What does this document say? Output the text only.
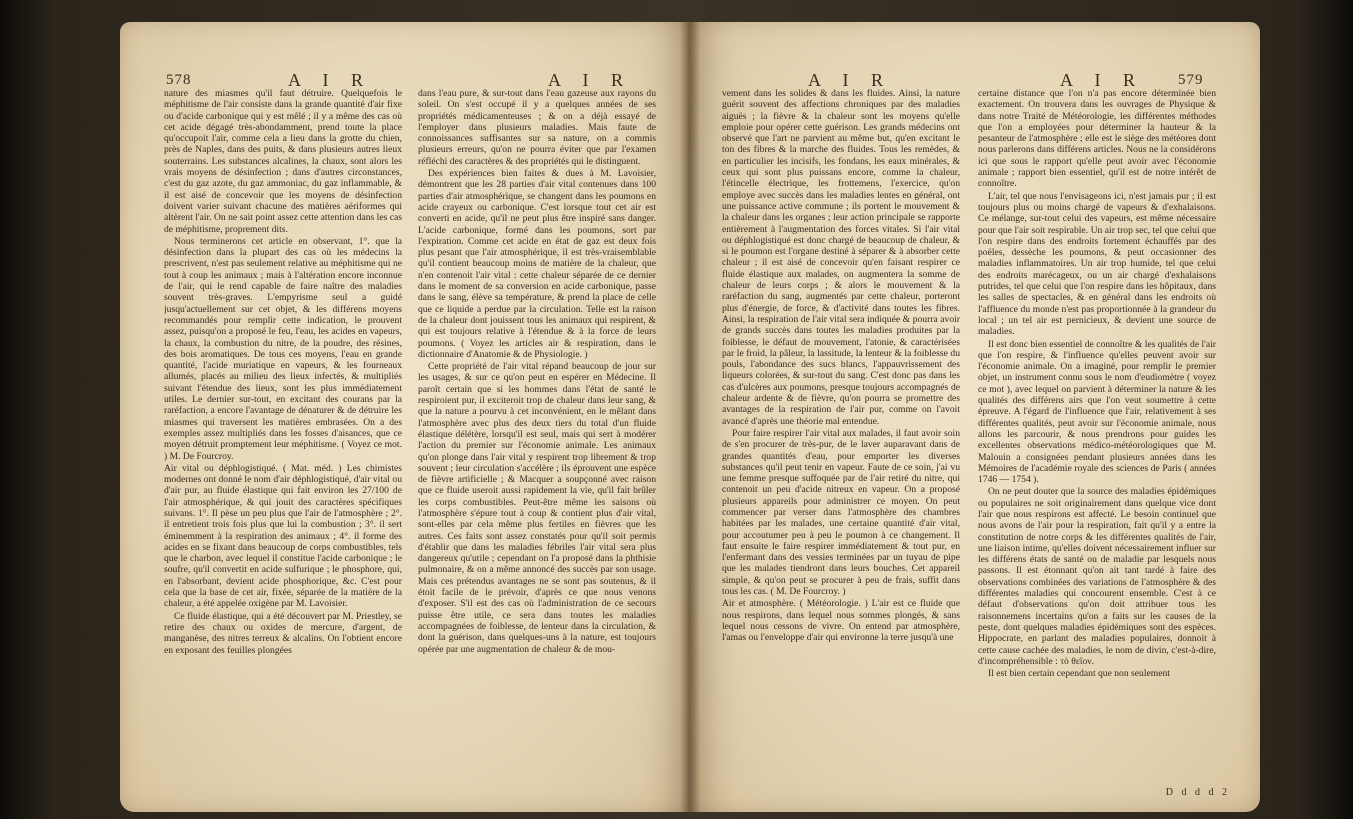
578	A I R	A I R

nature des miasmes qu'il faut détruire. Quelquefois le méphitisme de l'air consiste dans la grande quantité d'air fixe ou d'acide carbonique qui y est mêlé ; il y a même des cas où cet acide dégagé très-abondamment, prend toute la place qu'occupoit l'air, comme cela a lieu dans la grotte du chien, près de Naples, dans des puits, & dans plusieurs autres lieux souterrains. Les substances alcalines, la chaux, sont alors les vrais moyens de désinfection ; dans d'autres circonstances, c'est du gaz azote, du gaz ammoniac, du gaz inflammable, & il est aisé de concevoir que les moyens de désinfection doivent varier suivant chacune des matières aériformes qui altèrent l'air. On ne sait point assez cette attention dans les cas de méphitisme, proprement dits.

Nous terminerons cet article en observant, 1°. que la désinfection dans la plupart des cas où les médecins la prescrivent, n'est pas seulement relative au méphitisme qui ne tout à coup les animaux ; mais à l'altération encore inconnue de l'air, qui le rend capable de faire naître des maladies souvent très-graves. L'empyrisme seul a guidé jusqu'actuellement sur cet objet, & les différens moyens recommandés pour remplir cette indication, le prouvent assez, puisqu'on a proposé le feu, l'eau, les acides en vapeurs, la chaux, la combustion du nitre, de la poudre, des résines, des bois aromatiques. De tous ces moyens, l'eau en grande quantité, l'acide muriatique en vapeurs, & les fourneaux allumés, placés au milieu des lieux infectés, & multipliés suivant l'étendue des lieux, sont les plus immédiatement utiles. Le dernier sur-tout, en excitant des courans par la raréfaction, a encore l'avantage de dénaturer & de détruire les miasmes qui traversent les matières embrasées. On a des exemples assez multipliés dans les fosses d'aisances, que ce moyen détruit promptement leur méphitisme. ( Voyez ce mot. ) M. De Fourcroy.

Air vital ou déphlogistiqué. ( Mat. méd. ) Les chimistes modernes ont donné le nom d'air déphlogistiqué, d'air vital ou d'air pur, au fluide élastique qui fait environ les 27/100 de l'air atmosphérique, & qui jouit des caractères spécifiques suivans. 1°. Il pèse un peu plus que l'air de l'atmosphère ; 2°. il entretient trois fois plus que lui la combustion ; 3°. il sert éminemment à la respiration des animaux ; 4°. il forme des acides en se fixant dans beaucoup de corps combustibles, tels que le charbon, avec lequel il constitue l'acide carbonique ; le soufre, qu'il convertit en acide sulfurique ; le phosphore, qui, en l'absorbant, devient acide phosphorique, &c. C'est pour cela que la base de cet air, fixée, séparée de la matière de la chaleur, a été appelée oxigène par M. Lavoisier.

Ce fluide élastique, qui a été découvert par M. Priestley, se retire des chaux ou oxides de mercure, d'argent, de manganèse, des nitres terreux & alcalins. On l'obtient encore en exposant des feuilles plongées

dans l'eau pure, & sur-tout dans l'eau gazeuse aux rayons du soleil. On s'est occupé il y a quelques années de ses propriétés médicamenteuses ; & on a déjà essayé de l'employer dans plusieurs maladies. Mais faute de connoissances suffisantes sur sa nature, on a commis plusieurs erreurs, qu'on ne pourra éviter que par l'examen réfléchi des caractères & des propriétés qui le distinguent.

Des expériences bien faites & dues à M. Lavoisier, démontrent que les 28 parties d'air vital contenues dans 100 parties d'air atmosphérique, se changent dans les poumons en acide crayeux ou carbonique. C'est lorsque tout cet air est converti en acide, qu'il ne peut plus être inspiré sans danger. L'acide carbonique, formé dans les poumons, sort par l'expiration. Comme cet acide en état de gaz est deux fois plus pesant que l'air atmosphérique, il est très-vraisemblable qu'il contient beaucoup moins de matière de la chaleur, que n'en contenoit l'air vital : cette chaleur séparée de ce dernier dans le moment de sa conversion en acide carbonique, passe dans le sang, élève sa température, & prend la place de celle que ce liquide a perdue par la circulation. Telle est la raison de la chaleur dont jouissent tous les animaux qui respirent, & qui est toujours relative à l'étendue & à la force de leurs poumons. ( Voyez les articles air & respiration, dans le dictionnaire d'Anatomie & de Physiologie. )

Cette propriété de l'air vital répand beaucoup de jour sur les usages, & sur ce qu'on peut en espérer en Médecine. Il paroît certain que si les hommes dans l'état de santé le respiroient pur, il exciteroit trop de chaleur dans leur sang, & que la nature a pourvu à cet inconvénient, en le mêlant dans l'atmosphère avec plus des deux tiers du total d'un fluide élastique délétère, lorsqu'il est seul, mais qui sert à modérer l'action du premier sur l'économie animale. Les animaux qu'on plonge dans l'air vital y respirent trop librement & trop souvent ; leur circulation s'accélère ; ils éprouvent une espèce de fièvre artificielle ; & Macquer a soupçonné avec raison que ce fluide useroit aussi rapidement la vie, qu'il fait brûler les corps combustibles. Peut-être même les saisons où l'atmosphère s'épure tout à coup & contient plus d'air vital, sont-elles par cela même plus fertiles en fièvres que les autres. Ces faits sont assez constatés pour qu'il soit permis d'établir que dans les maladies fébriles l'air vital sera plus dangereux qu'utile ; cependant on l'a proposé dans la phthisie pulmonaire, & on a même annoncé des succès par son usage. Mais ces prétendus avantages ne se sont pas soutenus, & il étoit facile de le prévoir, d'après ce que nous venons d'exposer. S'il est des cas où l'administration de ce secours puisse être utile, ce sera dans toutes les maladies accompagnées de foiblesse, de lenteur dans la circulation, & dont la guérison, dans quelques-uns à la nature, est toujours opérée par une augmentation de chaleur & de mou-

A I R	A I R 579

vement dans les solides & dans les fluides. Ainsi, la nature guérit souvent des affections chroniques par des maladies aiguës ; la fièvre & la chaleur sont les moyens qu'elle emploie pour opérer cette guérison. Les grands médecins ont observé que l'art ne parvient au même but, qu'en excitant le ton des fibres & la marche des fluides. Tous les remèdes, & en particulier les incisifs, les fondans, les eaux minérales, & ceux qui sont plus puissans encore, comme la chaleur, l'étincelle électrique, les frottemens, l'exercice, qu'on employe avec succès dans les maladies lentes en général, ont une puissance active commune ; ils portent le mouvement & la chaleur dans les organes ; leur action principale se rapporte entièrement à l'augmentation des forces vitales. Si l'air vital ou déphlogistiqué est donc chargé de beaucoup de chaleur, & si le poumon est l'organe destiné à séparer & à absorber cette chaleur ; il est aisé de concevoir qu'en faisant respirer ce fluide élastique aux malades, on augmentera la somme de chaleur de leurs corps ; & alors le mouvement & la raréfaction du sang, augmentés par cette chaleur, porteront plus d'énergie, de force, & d'activité dans toutes les fibres. Ainsi, la respiration de l'air vital sera indiquée & pourra avoir de grands succès dans toutes les maladies produites par la foiblesse, le défaut de mouvement, l'atonie, & caractérisées par le froid, la pâleur, la lassitude, la lenteur & la foiblesse du pouls, l'abondance des sucs blancs, l'appauvrissement des liqueurs colorées, & sur-tout du sang. C'est donc pas dans les cas d'ulcères aux poumons, presque toujours accompagnés de chaleur ardente & de fièvre, qu'on pourra se promettre des avantages de la respiration de l'air pur, comme on l'avoit avancé d'après une théorie mal entendue.

Pour faire respirer l'air vital aux malades, il faut avoir soin de s'en procurer de très-pur, de le laver auparavant dans de grandes quantités d'eau, pour emporter les diverses substances qu'il peut tenir en vapeur. Faute de ce soin, j'ai vu une femme presque suffoquée par de l'air retiré du nitre, qui contenoit un peu d'acide nitreux en vapeur. On a proposé plusieurs appareils pour administrer ce moyen. On peut commencer par verser dans l'atmosphère des chambres habitées par les malades, une certaine quantité d'air vital, pour accoutumer peu à peu le poumon à ce changement. Il faut ensuite le faire respirer immédiatement & tout pur, en l'enfermant dans des vessies terminées par un tuyau de pipe que les malades tiendront dans leurs bouches. Cet appareil simple, & qu'on peut se procurer à peu de frais, suffit dans tous les cas. ( M. De Fourcroy. )

Air et atmosphère. ( Météorologie. ) L'air est ce fluide que nous respirons, dans lequel nous sommes plongés, & sans lequel nous cessons de vivre. On entend par atmosphère, l'amas ou l'enveloppe d'air qui environne la terre jusqu'à une

certaine distance que l'on n'a pas encore déterminée bien exactement. On trouvera dans les ouvrages de Physique & dans notre Traité de Météorologie, les différentes méthodes que l'on a employées pour déterminer la hauteur & la pesanteur de l'atmosphère ; elle est le siège des météores dont nous parlerons dans différens articles. Nous ne la considérons ici que sous le rapport qu'elle peut avoir avec l'économie animale ; rapport bien essentiel, qu'il est de notre intérêt de connoître.

L'air, tel que nous l'envisageons ici, n'est jamais pur ; il est toujours plus ou moins chargé de vapeurs & d'exhalaisons. Ce mélange, sur-tout celui des vapeurs, est même nécessaire pour que l'air soit respirable. Un air trop sec, tel que celui que l'on respire dans des endroits fortement échauffés par des poëles, dessèche les poumons, & peut occasionner des maladies inflammatoires. Un air trop humide, tel que celui des endroits marécageux, ou un air chargé d'exhalaisons putrides, tel que celui que l'on respire dans les hôpitaux, dans les salles de spectacles, & en général dans les endroits où l'affluence du monde n'est pas proportionnée à la grandeur du local ; un tel air est pernicieux, & devient une source de maladies.

Il est donc bien essentiel de connoître & les qualités de l'air que l'on respire, & l'influence qu'elles peuvent avoir sur l'économie animale. On a imaginé, pour remplir le premier objet, un instrument connu sous le nom d'eudiomètre ( voyez ce mot ), avec lequel on parvient à déterminer la nature & les qualités des différens airs que l'on veut soumettre à cette épreuve. A l'égard de l'influence que l'air, relativement à ses différentes qualités, peut avoir sur l'économie animale, nous allons les parcourir, & nous prendrons pour guides les excellentes observations médico-météorologiques que M. Malouin a consignées pendant plusieurs années dans les Mémoires de l'académie royale des sciences de Paris ( années 1746 — 1754 ).

On ne peut douter que la source des maladies épidémiques ou populaires ne soit originairement dans quelque vice dont l'air que nous respirons est affecté. Le besoin continuel que nous avons de l'air pour la respiration, fait qu'il y a entre la constitution de notre corps & les différentes qualités de l'air, une liaison intime, qu'elles doivent nécessairement influer sur les différens états de santé ou de maladie par lesquels nous passons. Il est étonnant qu'on ait tant tardé à faire des observations combinées des variations de l'atmosphère & des différentes maladies qui concourent ensemble. C'est à ce défaut d'observations qu'on doit attribuer tous les raisonnemens incertains qu'on a faits sur les causes de la peste, dont quelques maladies épidémiques sont des espèces. Hippocrate, en parlant des maladies populaires, donnoit à cette cause cachée des maladies, le nom de divin, c'est-à-dire, d'incompréhensible : τὸ θεῖον.

Il est bien certain cependant que non seulement

D d d d 2
